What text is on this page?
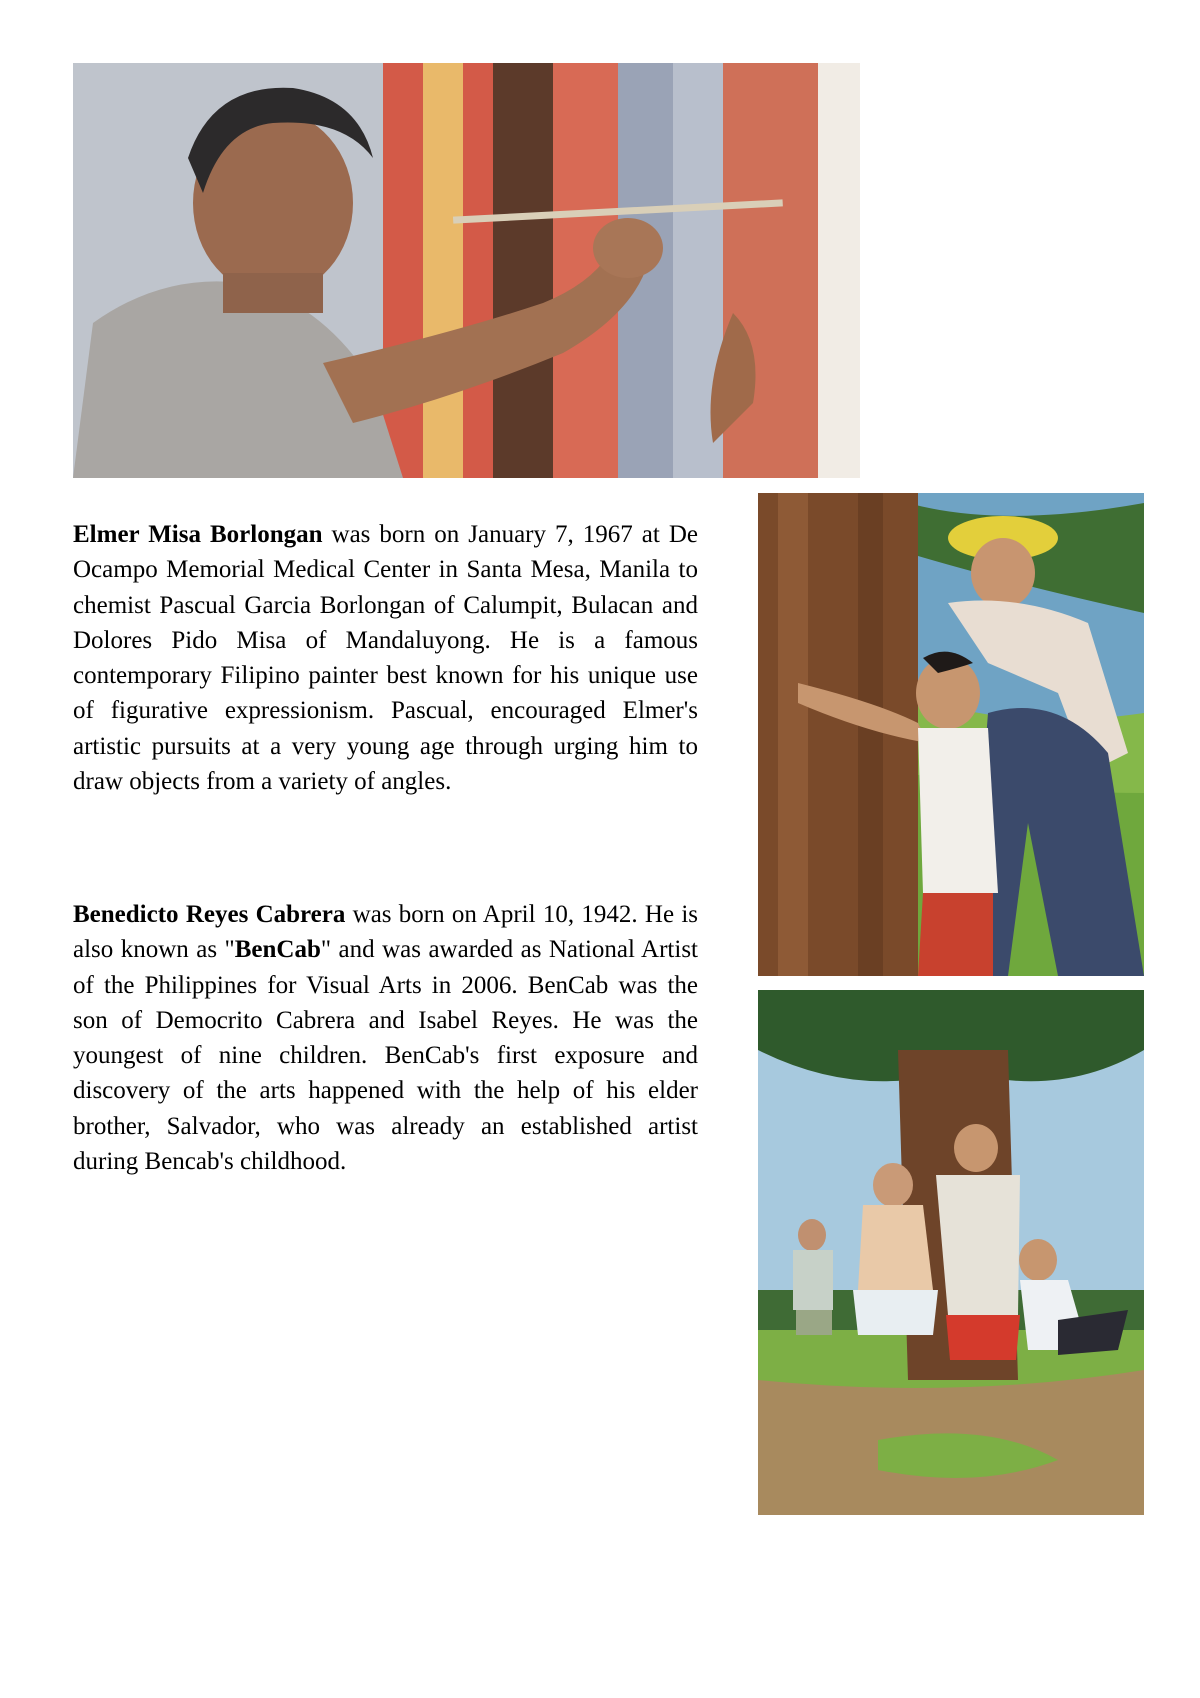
Elmer Misa Borlongan was born on January 7, 1967 at De Ocampo Memorial Medical Center in Santa Mesa, Manila to chemist Pascual Garcia Borlongan of Calumpit, Bulacan and Dolores Pido Misa of Mandaluyong. He is a famous contemporary Filipino painter best known for his unique use of figurative expressionism. Pascual, encouraged Elmer's artistic pursuits at a very young age through urging him to draw objects from a variety of angles.

Benedicto Reyes Cabrera was born on April 10, 1942. He is also known as "BenCab" and was awarded as National Artist of the Philippines for Visual Arts in 2006. BenCab was the son of Democrito Cabrera and Isabel Reyes. He was the youngest of nine children. BenCab's first exposure and discovery of the arts happened with the help of his elder brother, Salvador, who was already an established artist during Bencab's childhood.
